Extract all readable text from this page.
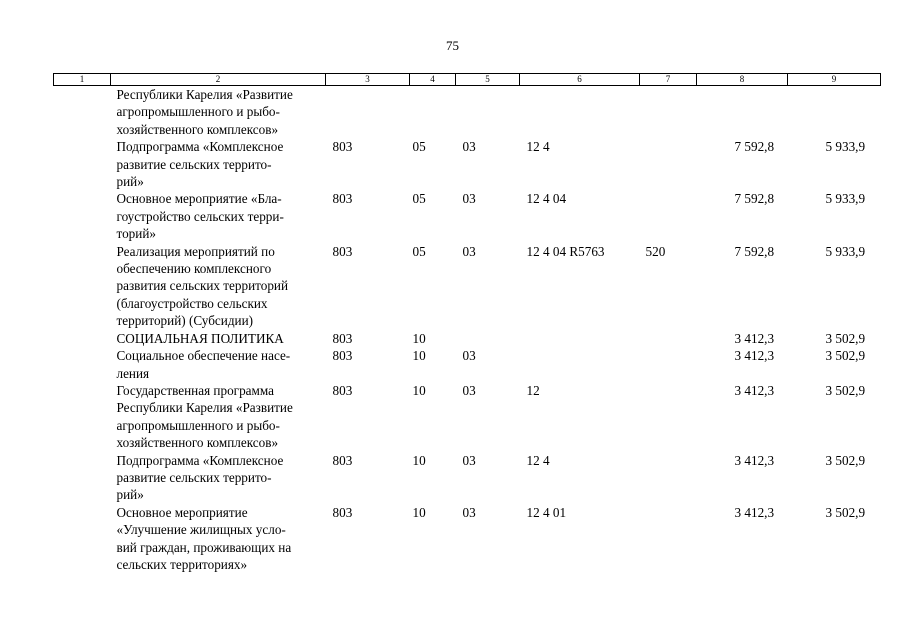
75
1	2	3	4	5	6	7	8	9

	Республики Карелия «Развитие
агропромышленного и рыбо-
хозяйственного комплексов»							

	Подпрограмма «Комплексное
развитие сельских террито-
рий»	803	05	03	12 4		7 592,8	5 933,9

	Основное мероприятие «Бла-
гоустройство сельских терри-
торий»	803	05	03	12 4 04		7 592,8	5 933,9

	Реализация мероприятий по
обеспечению комплексного
развития сельских территорий
(благоустройство сельских
территорий) (Субсидии)	803	05	03	12 4 04 R5763	520	7 592,8	5 933,9

	СОЦИАЛЬНАЯ ПОЛИТИКА	803	10				3 412,3	3 502,9

	Социальное обеспечение насе-
ления	803	10	03			3 412,3	3 502,9

	Государственная программа
Республики Карелия «Развитие
агропромышленного и рыбо-
хозяйственного комплексов»	803	10	03	12		3 412,3	3 502,9

	Подпрограмма «Комплексное
развитие сельских террито-
рий»	803	10	03	12 4		3 412,3	3 502,9

	Основное мероприятие
«Улучшение жилищных усло-
вий граждан, проживающих на
сельских территориях»	803	10	03	12 4 01		3 412,3	3 502,9
